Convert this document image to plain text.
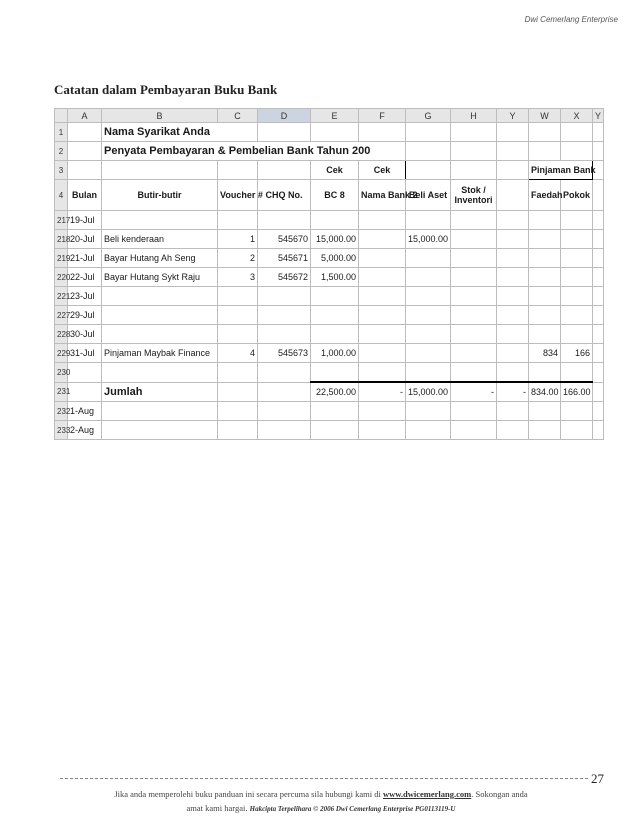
Dwi Cemerlang Enterprise
Catatan dalam Pembayaran Buku Bank
	A	B	C	D	E	F	G	H	Y	W	X	Y
1		Nama Syarikat Anda										
2		Penyata Pembayaran & Pembelian Bank Tahun 200										
3					Cek	Cek				Pinjaman Bank		
4	Bulan	Butir-butir	Voucher #	CHQ No.	BC 8	Nama Bank 2	Beli Aset	Stok / Inventori		Faedah	Pokok	
217	19-Jul											
218	20-Jul	Beli kenderaan	1	545670	15,000.00		15,000.00					
219	21-Jul	Bayar Hutang Ah Seng	2	545671	5,000.00							
220	22-Jul	Bayar Hutang Sykt Raju	3	545672	1,500.00							
221	23-Jul											
227	29-Jul											
228	30-Jul											
229	31-Jul	Pinjaman Maybak Finance	4	545673	1,000.00					834	166	
230												
231		Jumlah			22,500.00	-	15,000.00	-	-	834.00	166.00	
232	1-Aug											
233	2-Aug											
27
Jika anda memperolehi buku panduan ini secara percuma sila hubungi kami di www.dwicemerlang.com. Sokongan anda
amat kami hargai. Hakcipta Terpelihara © 2006 Dwi Cemerlang Enterprise PG0113119-U
